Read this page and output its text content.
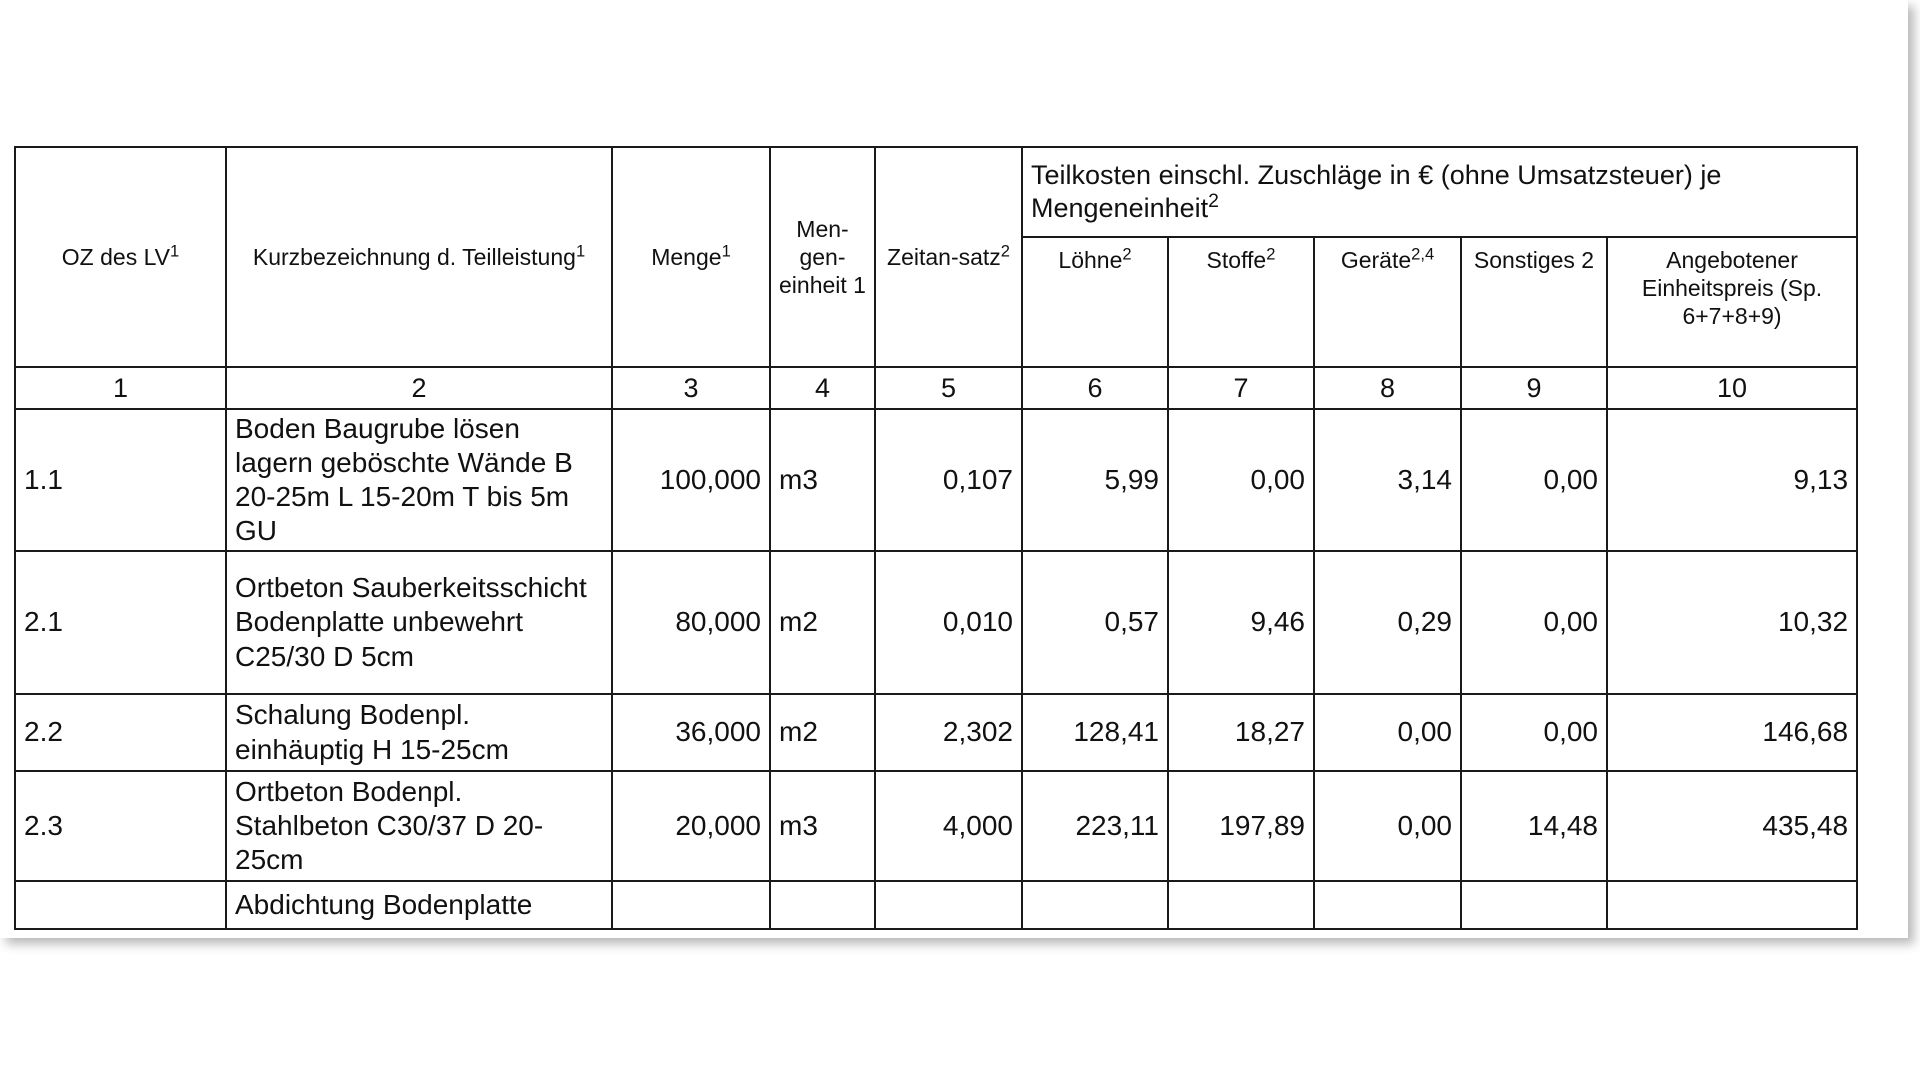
OZ des $LV^1$	Kurzbezeichnung d. Teilleistung$^1$	Menge$^1$	Men-gen-einheit 1	Zeitan-satz$^2$	Teilkosten einschl. Zuschläge in € (ohne Umsatzsteuer) je Mengeneinheit$^2$
					Löhne$^2$	Stoffe$^2$	Geräte$^{2,4}$	Sonstiges 2	Angebotener Einheitspreis (Sp. 6+7+8+9)
1	2	3	4	5	6	7	8	9	10
1.1	Boden Baugrube lösen lagern geböschte Wände B 20-25m L 15-20m T bis 5m GU	100,000	m3	0,107	5,99	0,00	3,14	0,00	9,13
2.1	Ortbeton Sauberkeitsschicht Bodenplatte unbewehrt C25/30 D 5cm	80,000	m2	0,010	0,57	9,46	0,29	0,00	10,32
2.2	Schalung Bodenpl. einhäuptig H 15-25cm	36,000	m2	2,302	128,41	18,27	0,00	0,00	146,68
2.3	Ortbeton Bodenpl. Stahlbeton C30/37 D 20-25cm	20,000	m3	4,000	223,11	197,89	0,00	14,48	435,48
	Abdichtung Bodenplatte								
